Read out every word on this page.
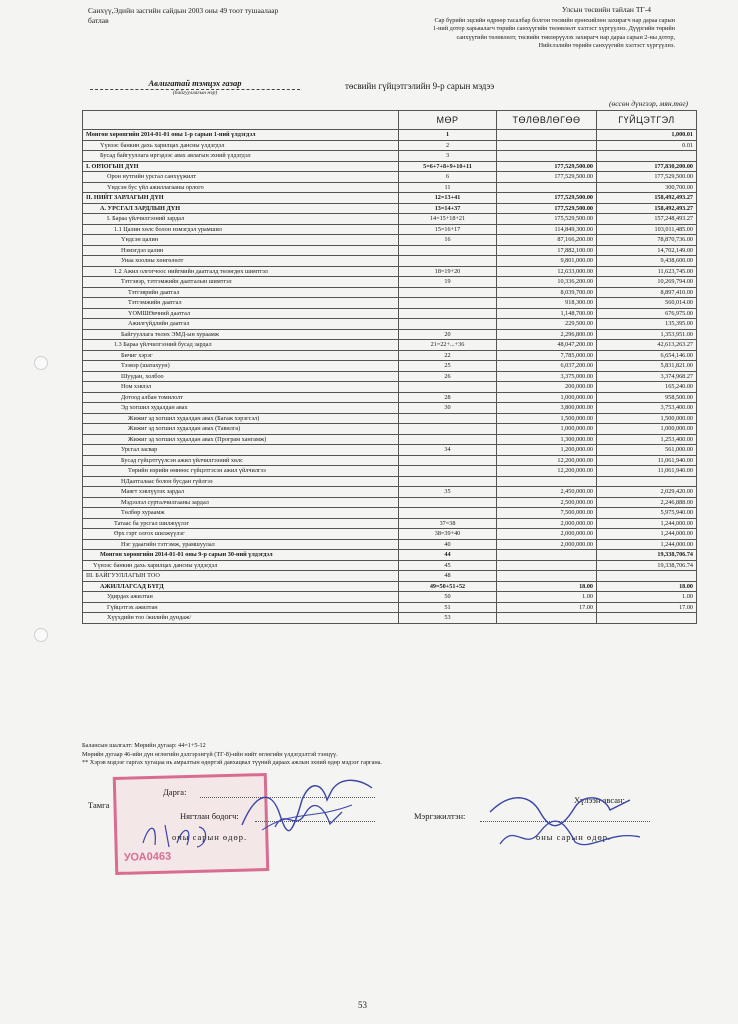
Санхүү,Эдийн засгийн сайдын 2003 оны 49 тоот тушаалаар
батлав
Улсын төсвийн тайлан ТГ-4
Сар бүрийн эцсийн өдрөөр тасалбар болгон төсвийн ерөнхийлөн захирагч нар дараа сарын
1-ний дотор харьяалагч төрийн санхүүгийн төлөвлөлт хэлтэст хүргүүлнэ. Дүүргийн төрийн
санхүүгийн төлөвлөлт, төсвийн төвлөрүүлэх захирагч нар дараа сарын 2-ны дотор,
Нийслэлийн төрийн санхүүгийн хэлтэст хүргүүлнэ.
Авлигатай тэмцэх газар
(байгууллагын нэр)
төсвийн гүйцэтгэлийн 9-р сарын мэдээ
(өссөн дүнгээр, мян.төг)
	МӨР	ТӨЛӨВЛӨГӨӨ	ГҮЙЦЭТГЭЛ
Мөнгөн хөрөнгийн 2014-01-01 оны 1-р сарын 1-ний үлдэгдэл	1		1,000.01
Үүнээс банкин дахь харилцах дансны үлдэгдэл	2		0.01
Бусад байгууллага иргэдээс авах авлагын эхний үлдэгдэл	3		
I. ОРЛОГЫН ДҮН	5=6+7+8+9+10+11	177,529,500.00	177,830,200.00
Орон нутгийн урсгал санхүүжилт	6	177,529,500.00	177,529,500.00
Үндсэн бус үйл ажиллагааны орлого	11		300,700.00
II. НИЙТ ЗАРЛАГЫН ДҮН	12=13+41	177,529,500.00	158,492,493.27
А. УРСГАЛ ЗАРДЛЫН ДҮН	13=14+37	177,529,500.00	158,492,493.27
I. Бараа үйлчилгээний зардал	14=15+18+21	175,529,500.00	157,248,493.27
1.1 Цалин хөлс болон нэмэгдэл урамшил	15=16+17	114,849,300.00	103,011,485.00
Үндсэн цалин	16	87,166,200.00	78,870,736.00
Нэмэгдэл цалин		17,882,100.00	14,702,149.00
Унаа хоолны хөнгөлөлт		9,801,000.00	9,438,600.00
1.2 Ажил олгогчоос нийгмийн даатгалд төлөгдөх шимтгэл	18=19+20	12,633,000.00	11,623,745.00
Тэтгэвэр, тэтгэмжийн даатгалын шимтгэл	19	10,336,200.00	10,269,794.00
Тэтгэврийн даатгал		8,039,700.00	8,897,410.00
Тэтгэмжийн даатгал		918,300.00	560,014.00
ҮОМШӨвчний даатгал		1,148,700.00	676,975.00
Ажилгүйдлийн даатгал		229,500.00	135,395.00
Байгууллага төлөх ЭМД-ын хураамж	20	2,296,800.00	1,353,951.00
1.3 Бараа үйлчилгээний бусад зардал	21=22+...+36	48,047,200.00	42,613,263.27
Бичиг хэрэг	22	7,785,000.00	6,654,146.00
Тээвэр (шатахуун)	25	6,037,200.00	5,831,821.00
Шуудан, холбоо	26	3,375,000.00	3,374,968.27
Ном хэвлэл		200,000.00	165,240.00
Дотоод албан томилолт	28	1,000,000.00	958,500.00
Эд хогшил худалдан авах	30	3,800,000.00	3,753,400.00
Жижиг эд хогшил худалдан авах (Багаж хэрэгсэл)		1,500,000.00	1,500,000.00
Жижиг эд хогшил худалдан авах (Тавилга)		1,000,000.00	1,000,000.00
Жижиг эд хогшил худалдан авах (Програм хангамж)		1,300,000.00	1,253,400.00
Урсгал засвар	34	1,200,000.00	561,000.00
Бусад гүйцэтгүүлсэн ажил үйлчилгээний хөлс		12,200,000.00	11,061,940.00
Төрийн нэрийн өмнөөс гүйцэтгэсэн ажил үйлчилгээ		12,200,000.00	11,061,940.00
НДаатгалаас болон бусдан гүйлгээ			
Маягт хэвлүүлэх зардал	35	2,450,000.00	2,029,420.00
Мэдээлэл сурталчилгааны зардал		2,500,000.00	2,246,888.00
Төлбөр хураамж		7,500,000.00	5,975,940.00
Татаас ба урсгал шилжүүлэг	37=38	2,000,000.00	1,244,000.00
Өрх гэрт олгох шилжүүлэг	38=39+40	2,000,000.00	1,244,000.00
Нэг удаагийн тэтгэмж, урамшуулал	40	2,000,000.00	1,244,000.00
Мөнгөн хөрөнгийн 2014-01-01 оны 9-р сарын 30-ний үлдэгдэл	44		19,338,706.74
Үүнээс банкин дахь харилцах дансны үлдэгдэл	45		19,338,706.74
III. БАЙГУУЛЛАГЫН ТОО	48		
АЖИЛЛАГСАД БҮГД	49=50+51+52	18.00	18.00
Удирдах ажилтан	50	1.00	1.00
Гүйцэтгэх ажилтан	51	17.00	17.00
Хүүхдийн тоо /жилийн дундаж/	53		
Балансын шалгалт: Мөрийн дугаар: 44=1+5-12
Мөрийн дугаар 46-ийн дүн өглөгийн дэлгэрэнгүй (ТГ-8)-ийн нийт өглөгийн үлдэгдэлтэй тэнцүү.
** Хэрэв мэдээг гаргах хугацаа нь амралтын өдөртэй давхацвал түүний дараах ажлын эхний өдөр мэдээг гаргана.
УОА0463
Тамга
Дарга:
Нягтлан бодогч:
оны сарын өдөр.
Хүлээн авсан:
Мэргэжилтэн:
оны сарын өдөр.
53
